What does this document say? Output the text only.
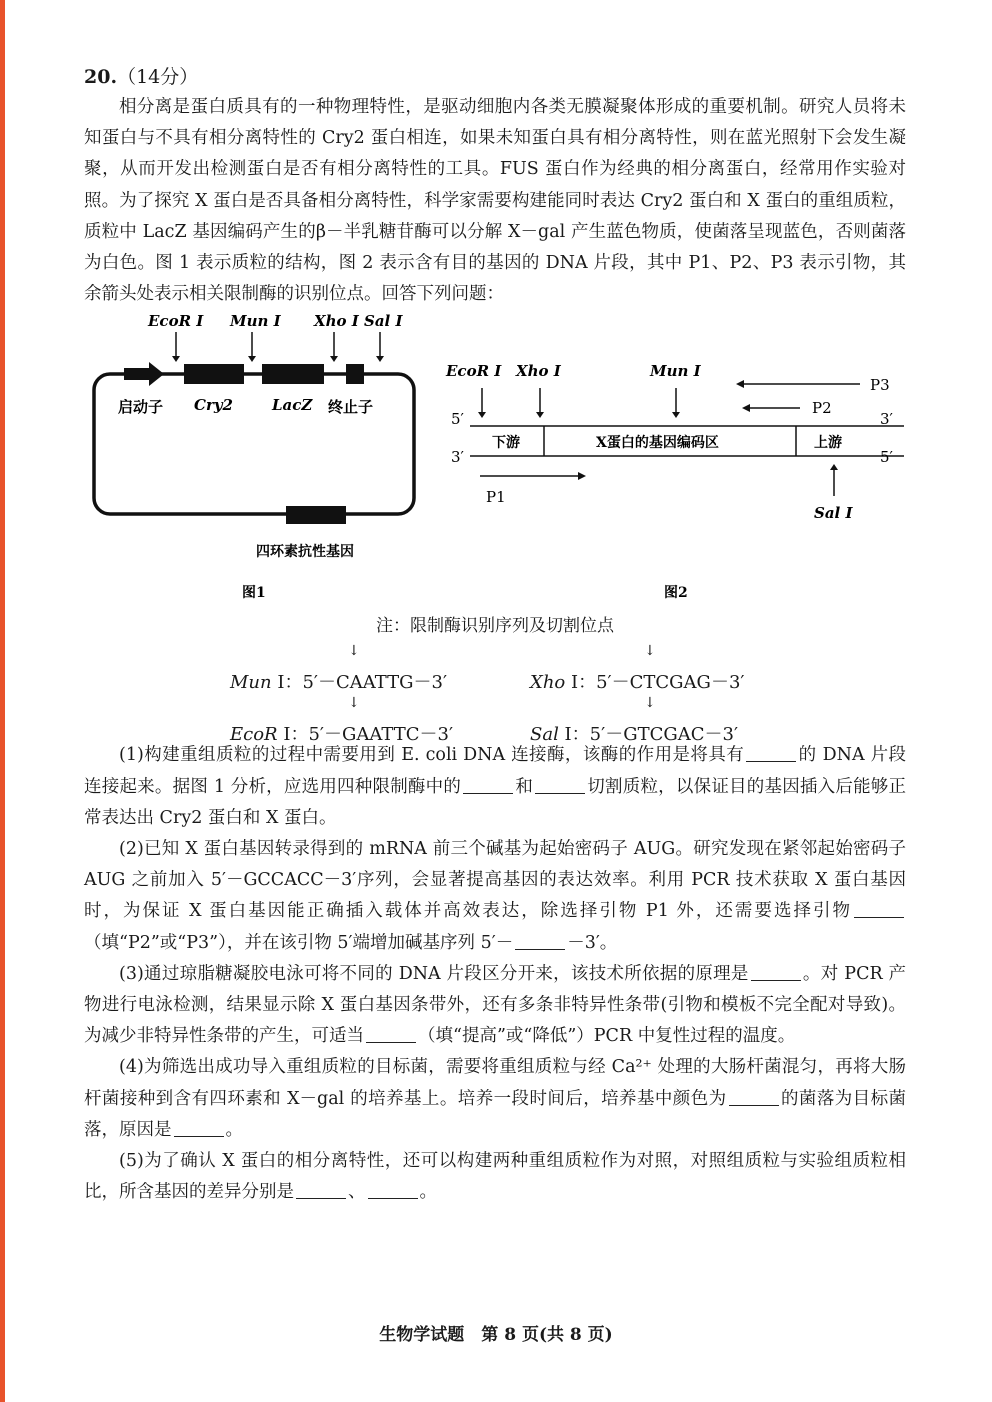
20.（14分）

相分离是蛋白质具有的一种物理特性，是驱动细胞内各类无膜凝聚体形成的重要机制。研究人员将未知蛋白与不具有相分离特性的 Cry2 蛋白相连，如果未知蛋白具有相分离特性，则在蓝光照射下会发生凝聚，从而开发出检测蛋白是否有相分离特性的工具。FUS 蛋白作为经典的相分离蛋白，经常用作实验对照。为了探究 X 蛋白是否具备相分离特性，科学家需要构建能同时表达 Cry2 蛋白和 X 蛋白的重组质粒，质粒中 LacZ 基因编码产生的β－半乳糖苷酶可以分解 X－gal 产生蓝色物质，使菌落呈现蓝色，否则菌落为白色。图 1 表示质粒的结构，图 2 表示含有目的基因的 DNA 片段，其中 P1、P2、P3 表示引物，其余箭头处表示相关限制酶的识别位点。回答下列问题：

EcoR I Mun I Xho I Sal I
启动子 Cry2	LacZ 终止子
四环素抗性基因
图1
5′	3′
3′	5′
下游	X蛋白的基因编码区	上游
EcoR I Xho I	Mun I
Sal I
P3
P2
P1
图2
注：限制酶识别序列及切割位点
↓
Mun I：5′－CAATTG－3′
↓
Xho I：5′－CTCGAG－3′
↓
EcoR I：5′－GAATTC－3′
↓
Sal I：5′－GTCGAC－3′

(1)构建重组质粒的过程中需要用到 E. coli DNA 连接酶，该酶的作用是将具有	的 DNA 片段连接起来。据图 1 分析，应选用四种限制酶中的	和	切割质粒，以保证目的基因插入后能够正常表达出 Cry2 蛋白和 X 蛋白。

(2)已知 X 蛋白基因转录得到的 mRNA 前三个碱基为起始密码子 AUG。研究发现在紧邻起始密码子 AUG 之前加入 5′－GCCACC－3′序列，会显著提高基因的表达效率。利用 PCR 技术获取 X 蛋白基因时，为保证 X 蛋白基因能正确插入载体并高效表达，除选择引物 P1 外，还需要选择引物（填“P2”或“P3”），并在该引物 5′端增加碱基序列 5′－	－3′。

(3)通过琼脂糖凝胶电泳可将不同的 DNA 片段区分开来，该技术所依据的原理是	。对 PCR 产物进行电泳检测，结果显示除 X 蛋白基因条带外，还有多条非特异性条带(引物和模板不完全配对导致)。为减少非特异性条带的产生，可适当	（填“提高”或“降低”）PCR 中复性过程的温度。

(4)为筛选出成功导入重组质粒的目标菌，需要将重组质粒与经 Ca²⁺ 处理的大肠杆菌混匀，再将大肠杆菌接种到含有四环素和 X－gal 的培养基上。培养一段时间后，培养基中颜色为	的菌落为目标菌落，原因是	。

(5)为了确认 X 蛋白的相分离特性，还可以构建两种重组质粒作为对照，对照组质粒与实验组质粒相比，所含基因的差异分别是	、	。

生物学试题　第 8 页(共 8 页)
